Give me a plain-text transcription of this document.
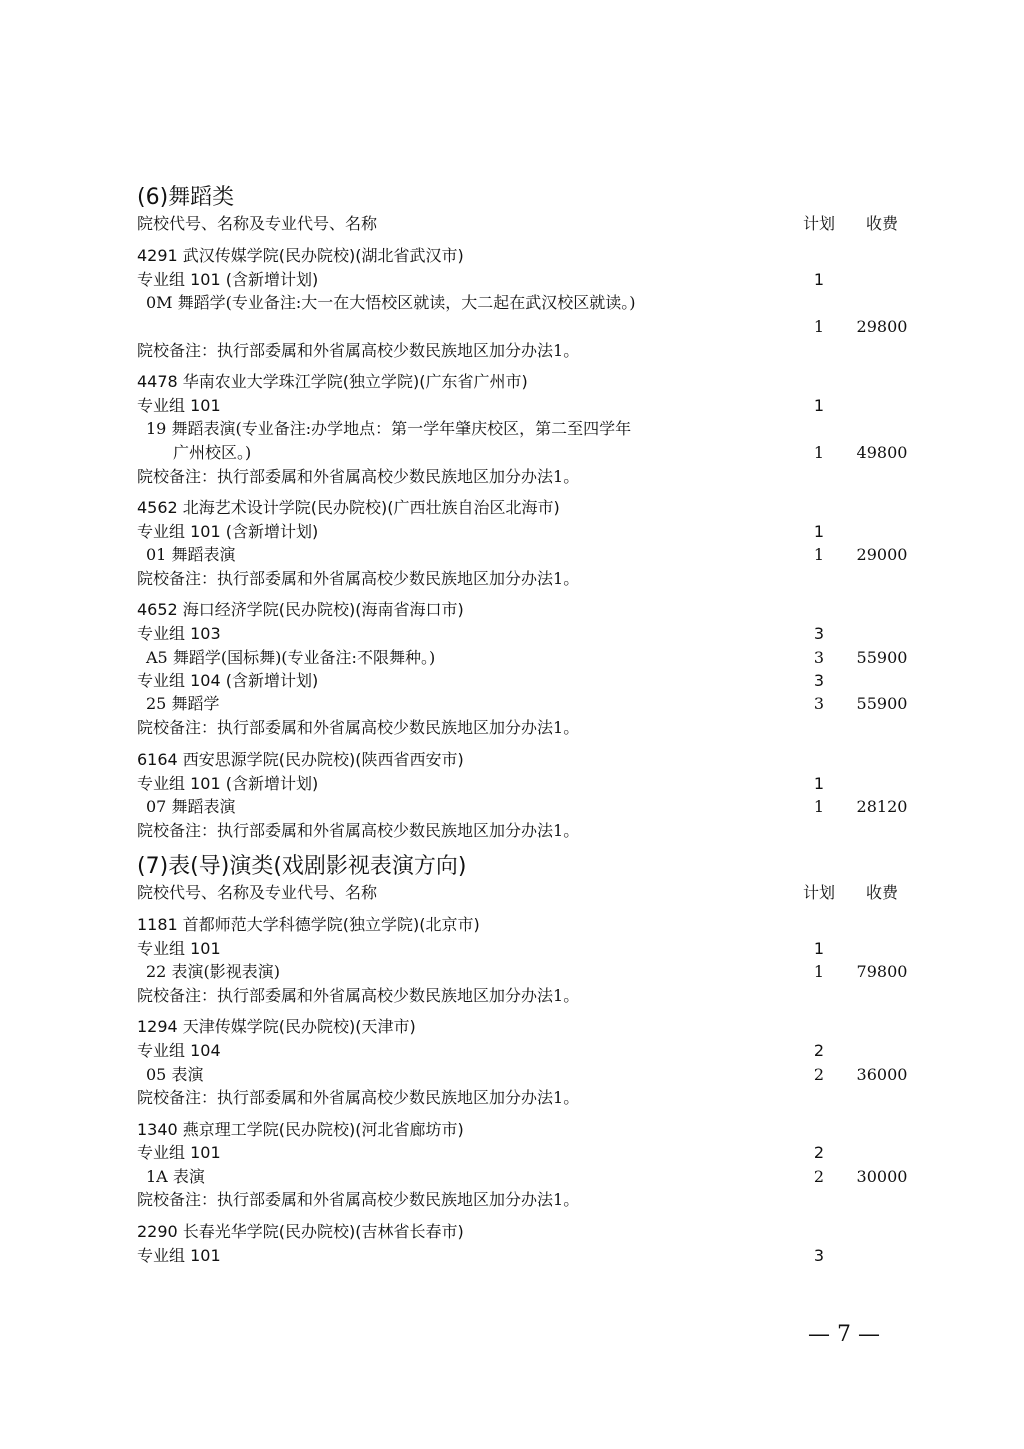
(6)舞蹈类
院校代号、名称及专业代号、名称	计划	收费
4291 武汉传媒学院(民办院校)(湖北省武汉市)
专业组 101 (含新增计划)	1
0M 舞蹈学(专业备注:大一在大悟校区就读，大二起在武汉校区就读。)
1	29800
院校备注：执行部委属和外省属高校少数民族地区加分办法1。
4478 华南农业大学珠江学院(独立学院)(广东省广州市)
专业组 101	1
19 舞蹈表演(专业备注:办学地点：第一学年肇庆校区，第二至四学年
广州校区。)	1	49800
院校备注：执行部委属和外省属高校少数民族地区加分办法1。
4562 北海艺术设计学院(民办院校)(广西壮族自治区北海市)
专业组 101 (含新增计划)	1
01 舞蹈表演	1	29000
院校备注：执行部委属和外省属高校少数民族地区加分办法1。
4652 海口经济学院(民办院校)(海南省海口市)
专业组 103	3
A5 舞蹈学(国标舞)(专业备注:不限舞种。)	3	55900
专业组 104 (含新增计划)	3
25 舞蹈学	3	55900
院校备注：执行部委属和外省属高校少数民族地区加分办法1。
6164 西安思源学院(民办院校)(陕西省西安市)
专业组 101 (含新增计划)	1
07 舞蹈表演	1	28120
院校备注：执行部委属和外省属高校少数民族地区加分办法1。
(7)表(导)演类(戏剧影视表演方向)
院校代号、名称及专业代号、名称	计划	收费
1181 首都师范大学科德学院(独立学院)(北京市)
专业组 101	1
22 表演(影视表演)	1	79800
院校备注：执行部委属和外省属高校少数民族地区加分办法1。
1294 天津传媒学院(民办院校)(天津市)
专业组 104	2
05 表演	2	36000
院校备注：执行部委属和外省属高校少数民族地区加分办法1。
1340 燕京理工学院(民办院校)(河北省廊坊市)
专业组 101	2
1A 表演	2	30000
院校备注：执行部委属和外省属高校少数民族地区加分办法1。
2290 长春光华学院(民办院校)(吉林省长春市)
专业组 101	3
— 7 —
